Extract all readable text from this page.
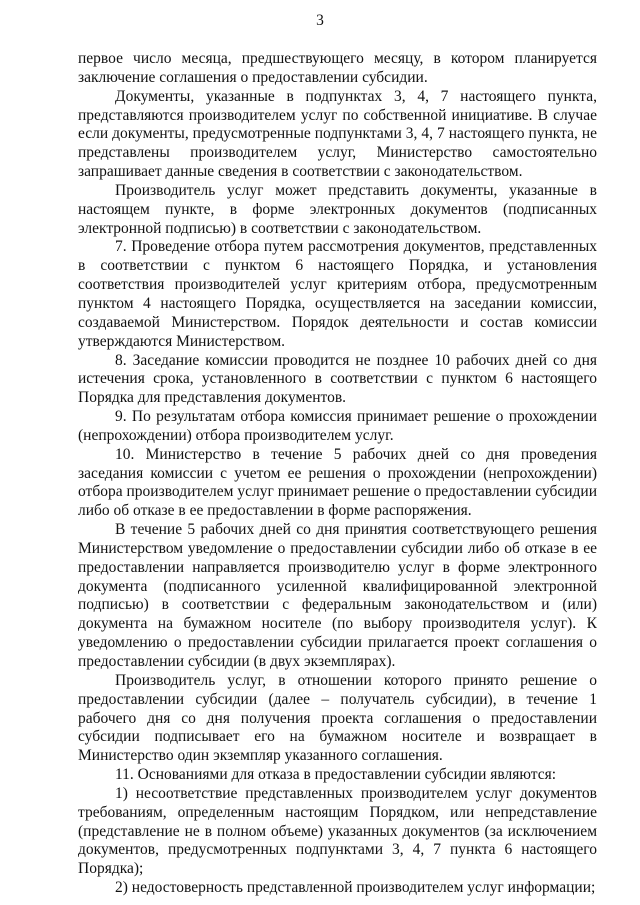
3

первое число месяца, предшествующего месяцу, в котором планируется заключение соглашения о предоставлении субсидии.

Документы, указанные в подпунктах 3, 4, 7 настоящего пункта, представляются производителем услуг по собственной инициативе. В случае если документы, предусмотренные подпунктами 3, 4, 7 настоящего пункта, не представлены производителем услуг, Министерство самостоятельно запрашивает данные сведения в соответствии с законодательством.

Производитель услуг может представить документы, указанные в настоящем пункте, в форме электронных документов (подписанных электронной подписью) в соответствии с законодательством.

7. Проведение отбора путем рассмотрения документов, представленных в соответствии с пунктом 6 настоящего Порядка, и установления соответствия производителей услуг критериям отбора, предусмотренным пунктом 4 настоящего Порядка, осуществляется на заседании комиссии, создаваемой Министерством. Порядок деятельности и состав комиссии утверждаются Министерством.

8. Заседание комиссии проводится не позднее 10 рабочих дней со дня истечения срока, установленного в соответствии с пунктом 6 настоящего Порядка для представления документов.

9. По результатам отбора комиссия принимает решение о прохождении (непрохождении) отбора производителем услуг.

10. Министерство в течение 5 рабочих дней со дня проведения заседания комиссии с учетом ее решения о прохождении (непрохождении) отбора производителем услуг принимает решение о предоставлении субсидии либо об отказе в ее предоставлении в форме распоряжения.

В течение 5 рабочих дней со дня принятия соответствующего решения Министерством уведомление о предоставлении субсидии либо об отказе в ее предоставлении направляется производителю услуг в форме электронного документа (подписанного усиленной квалифицированной электронной подписью) в соответствии с федеральным законодательством и (или) документа на бумажном носителе (по выбору производителя услуг). К уведомлению о предоставлении субсидии прилагается проект соглашения о предоставлении субсидии (в двух экземплярах).

Производитель услуг, в отношении которого принято решение о предоставлении субсидии (далее – получатель субсидии), в течение 1 рабочего дня со дня получения проекта соглашения о предоставлении субсидии подписывает его на бумажном носителе и возвращает в Министерство один экземпляр указанного соглашения.

11. Основаниями для отказа в предоставлении субсидии являются:

1) несоответствие представленных производителем услуг документов требованиям, определенным настоящим Порядком, или непредставление (представление не в полном объеме) указанных документов (за исключением документов, предусмотренных подпунктами 3, 4, 7 пункта 6 настоящего Порядка);

2) недостоверность представленной производителем услуг информации;
